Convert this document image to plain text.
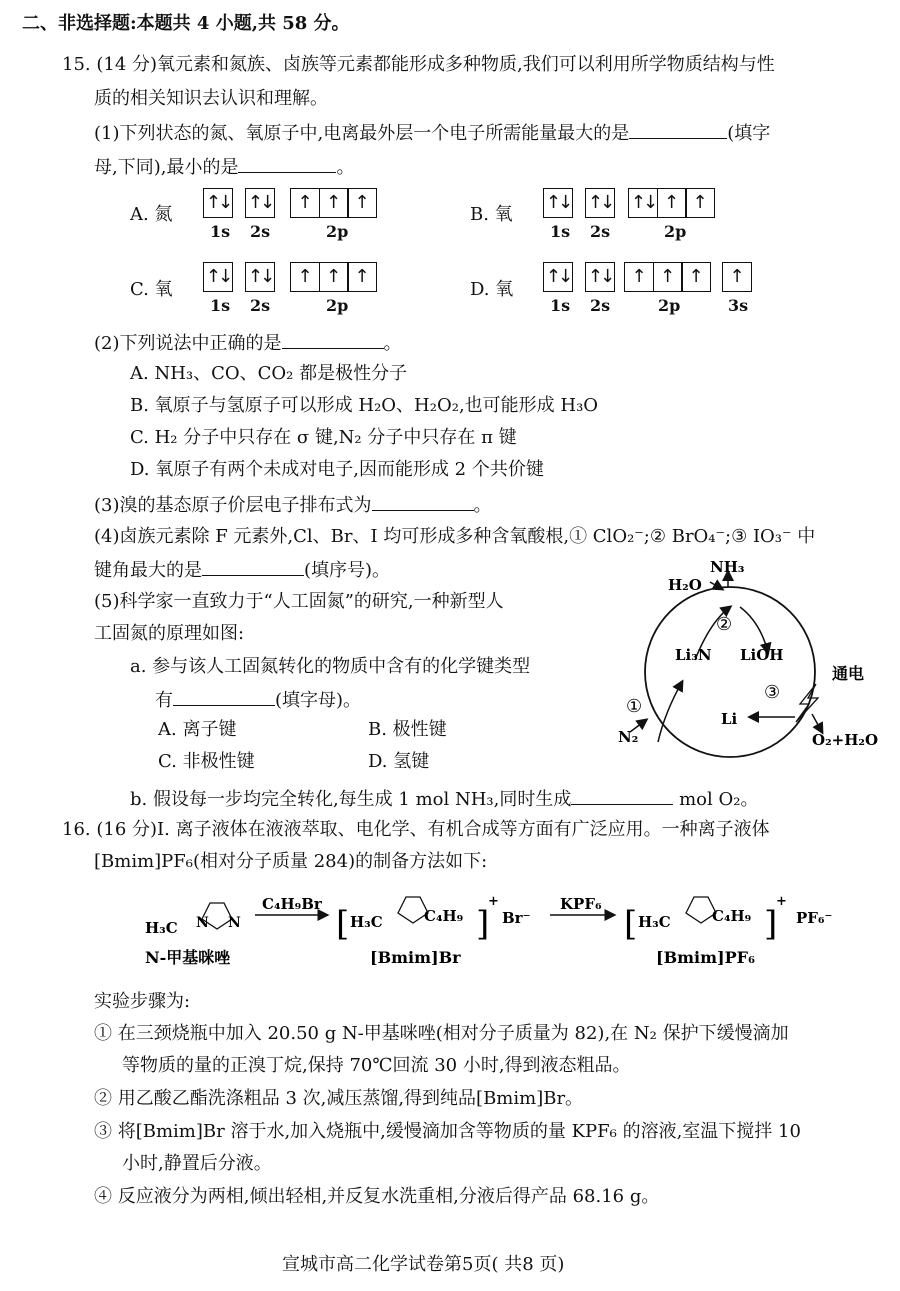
二、非选择题:本题共 4 小题,共 58 分。
15. (14 分)氧元素和氮族、卤族等元素都能形成多种物质,我们可以利用所学物质结构与性
质的相关知识去认识和理解。
(1)下列状态的氮、氧原子中,电离最外层一个电子所需能量最大的是	(填字
母,下同),最小的是	。
A. 氮
↑↓ ↑↓	↑ ↑ ↑
1s 2s	2p
B. 氧
↑↓ ↑↓ ↑↓ ↑ ↑
1s 2s	2p
C. 氧
↑↓ ↑↓	↑ ↑ ↑
1s 2s	2p
D. 氧
↑↓ ↑↓	↑ ↑ ↑	↑
1s 2s	2p	3s
(2)下列说法中正确的是	。
A. NH₃、CO、CO₂ 都是极性分子
B. 氧原子与氢原子可以形成 H₂O、H₂O₂,也可能形成 H₃O
C. H₂ 分子中只存在 σ 键,N₂ 分子中只存在 π 键
D. 氧原子有两个未成对电子,因而能形成 2 个共价键
(3)溴的基态原子价层电子排布式为	。
(4)卤族元素除 F 元素外,Cl、Br、I 均可形成多种含氧酸根,① ClO₂⁻;② BrO₄⁻;③ IO₃⁻ 中
键角最大的是	(填序号)。
(5)科学家一直致力于“人工固氮”的研究,一种新型人
工固氮的原理如图:
a. 参与该人工固氮转化的物质中含有的化学键类型
有	(填字母)。
A. 离子键	B. 极性键
C. 非极性键	D. 氢键
b. 假设每一步均完全转化,每生成 1 mol NH₃,同时生成	mol O₂。
NH₃
H₂O
Li₃N LiOH
Li
N₂	O₂+H₂O
通电
①
②
③
16. (16 分)Ⅰ. 离子液体在液液萃取、电化学、有机合成等方面有广泛应用。一种离子液体
[Bmim]PF₆(相对分子质量 284)的制备方法如下:
H₃C N N
N-甲基咪唑
C₄H₉Br [ H₃C	C₄H₉ ]
+
Br⁻
[Bmim]Br
KPF₆ [ H₃C	C₄H₉ ]
+
PF₆⁻
[Bmim]PF₆
实验步骤为:
① 在三颈烧瓶中加入 20.50 g N-甲基咪唑(相对分子质量为 82),在 N₂ 保护下缓慢滴加
等物质的量的正溴丁烷,保持 70℃回流 30 小时,得到液态粗品。
② 用乙酸乙酯洗涤粗品 3 次,减压蒸馏,得到纯品[Bmim]Br。
③ 将[Bmim]Br 溶于水,加入烧瓶中,缓慢滴加含等物质的量 KPF₆ 的溶液,室温下搅拌 10
小时,静置后分液。
④ 反应液分为两相,倾出轻相,并反复水洗重相,分液后得产品 68.16 g。
宣城市高二化学试卷第5页( 共8 页)
